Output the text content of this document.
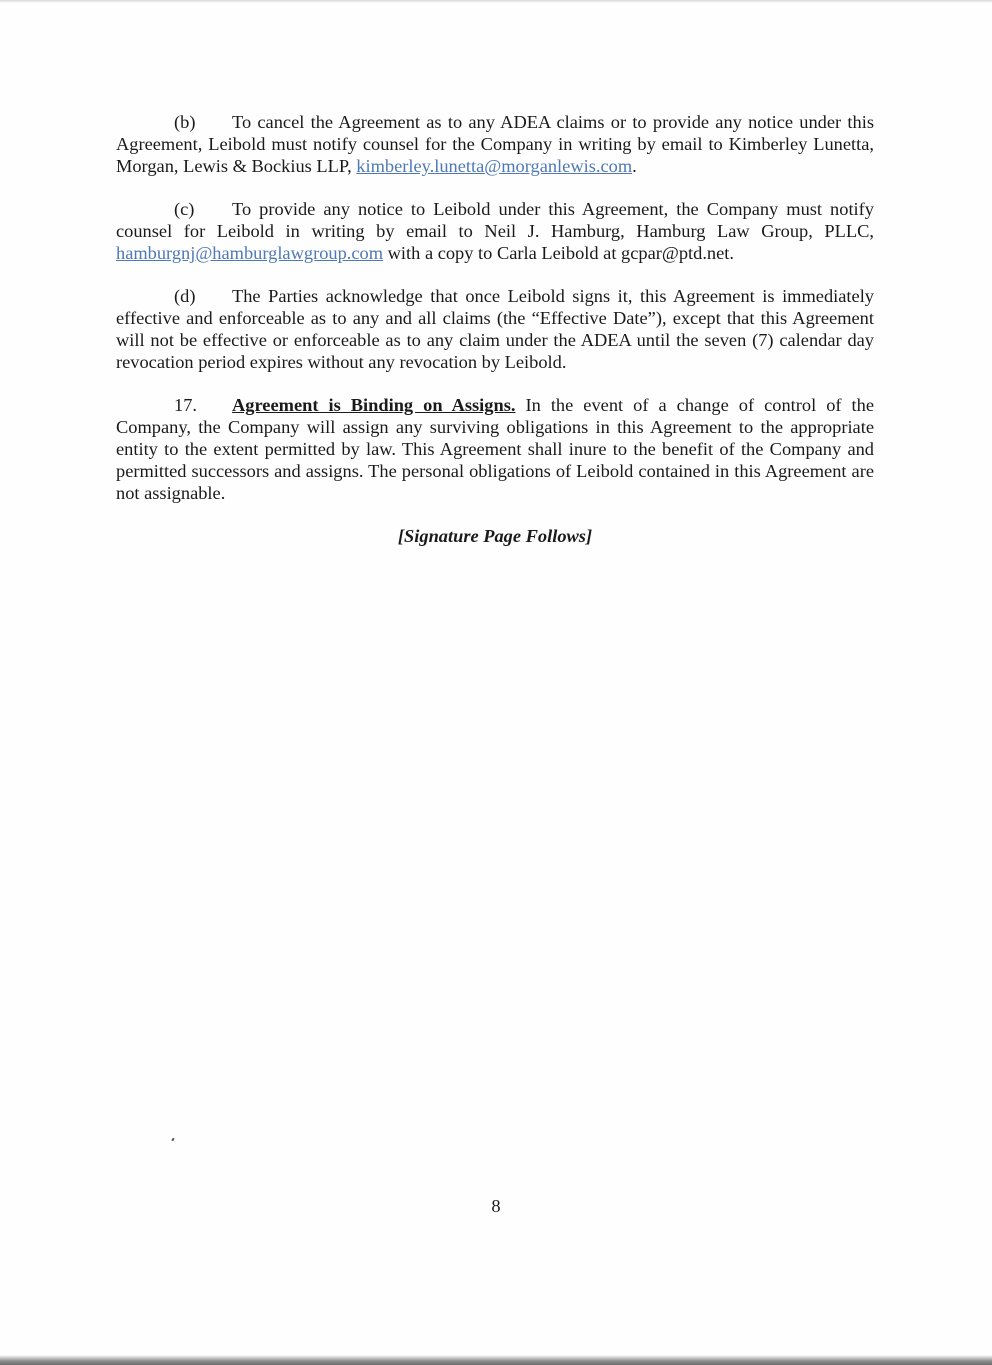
(b) To cancel the Agreement as to any ADEA claims or to provide any notice under this Agreement, Leibold must notify counsel for the Company in writing by email to Kimberley Lunetta, Morgan, Lewis & Bockius LLP, kimberley.lunetta@morganlewis.com.

(c) To provide any notice to Leibold under this Agreement, the Company must notify counsel for Leibold in writing by email to Neil J. Hamburg, Hamburg Law Group, PLLC, hamburgnj@hamburglawgroup.com with a copy to Carla Leibold at gcpar@ptd.net.

(d) The Parties acknowledge that once Leibold signs it, this Agreement is immediately effective and enforceable as to any and all claims (the “Effective Date”), except that this Agreement will not be effective or enforceable as to any claim under the ADEA until the seven (7) calendar day revocation period expires without any revocation by Leibold.

17. Agreement is Binding on Assigns. In the event of a change of control of the Company, the Company will assign any surviving obligations in this Agreement to the appropriate entity to the extent permitted by law. This Agreement shall inure to the benefit of the Company and permitted successors and assigns. The personal obligations of Leibold contained in this Agreement are not assignable.

[Signature Page Follows]
8
